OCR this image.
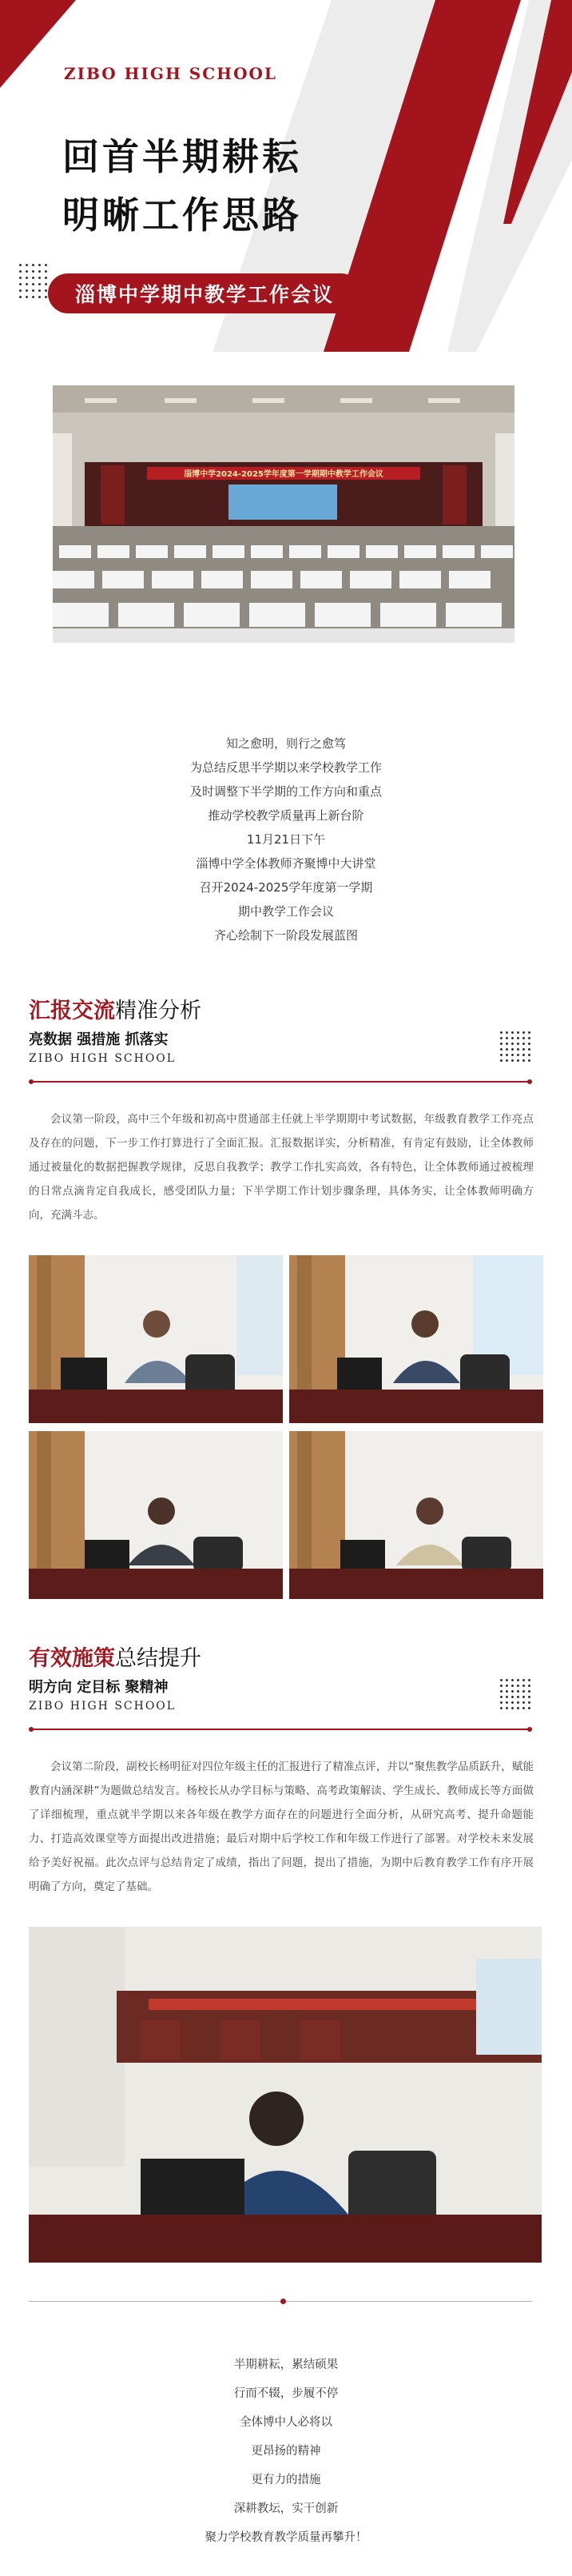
ZIBO HIGH SCHOOL
回首半期耕耘
明晰工作思路
淄博中学期中教学工作会议
淄博中学2024-2025学年度第一学期期中教学工作会议
知之愈明，则行之愈笃
为总结反思半学期以来学校教学工作
及时调整下半学期的工作方向和重点
推动学校教学质量再上新台阶
11月21日下午
淄博中学全体教师齐聚博中大讲堂
召开2024-2025学年度第一学期
期中教学工作会议
齐心绘制下一阶段发展蓝图
汇报交流精准分析
亮数据 强措施 抓落实
ZIBO HIGH SCHOOL
会议第一阶段，高中三个年级和初高中贯通部主任就上半学期期中考试数据，年级教育教学工作亮点及存在的问题，下一步工作打算进行了全面汇报。汇报数据详实，分析精准，有肯定有鼓励，让全体教师通过被量化的数据把握教学规律，反思自我教学；教学工作扎实高效，各有特色，让全体教师通过被梳理的日常点滴肯定自我成长，感受团队力量；下半学期工作计划步骤条理，具体务实，让全体教师明确方向，充满斗志。
有效施策总结提升
明方向 定目标 聚精神
ZIBO HIGH SCHOOL
会议第二阶段，副校长杨明征对四位年级主任的汇报进行了精准点评，并以“聚焦教学品质跃升，赋能教育内涵深耕”为题做总结发言。杨校长从办学目标与策略、高考政策解读、学生成长、教师成长等方面做了详细梳理，重点就半学期以来各年级在教学方面存在的问题进行全面分析，从研究高考、提升命题能力、打造高效课堂等方面提出改进措施；最后对期中后学校工作和年级工作进行了部署。对学校未来发展给予美好祝福。此次点评与总结肯定了成绩，指出了问题，提出了措施，为期中后教育教学工作有序开展明确了方向，奠定了基础。
半期耕耘，累结硕果
行而不辍，步履不停
全体博中人必将以
更昂扬的精神
更有力的措施
深耕教坛，实干创新
聚力学校教育教学质量再攀升！
